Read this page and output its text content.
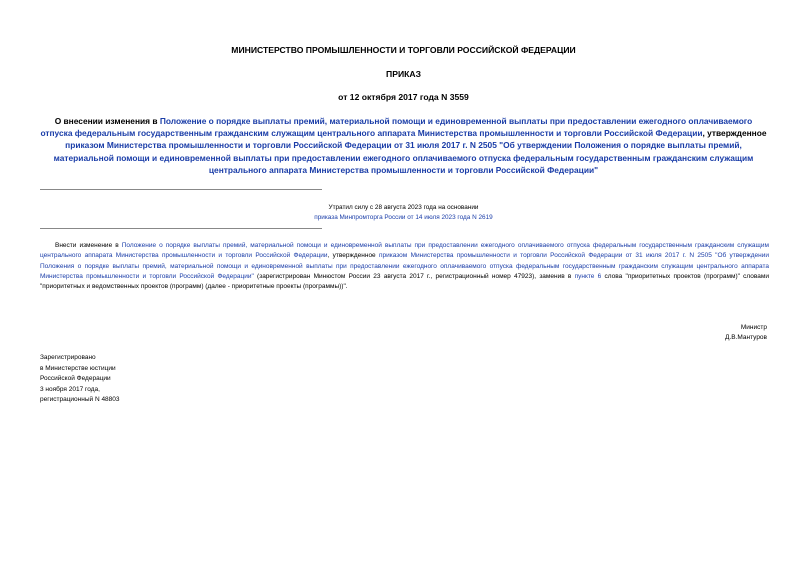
МИНИСТЕРСТВО ПРОМЫШЛЕННОСТИ И ТОРГОВЛИ РОССИЙСКОЙ ФЕДЕРАЦИИ
ПРИКАЗ
от 12 октября 2017 года N 3559
О внесении изменения в Положение о порядке выплаты премий, материальной помощи и единовременной выплаты при предоставлении ежегодного оплачиваемого отпуска федеральным государственным гражданским служащим центрального аппарата Министерства промышленности и торговли Российской Федерации, утвержденное приказом Министерства промышленности и торговли Российской Федерации от 31 июля 2017 г. N 2505 "Об утверждении Положения о порядке выплаты премий, материальной помощи и единовременной выплаты при предоставлении ежегодного оплачиваемого отпуска федеральным государственным гражданским служащим центрального аппарата Министерства промышленности и торговли Российской Федерации"
Утратил силу с 28 августа 2023 года на основании
приказа Минпромторга России от 14 июля 2023 года N 2619
Внести изменение в Положение о порядке выплаты премий, материальной помощи и единовременной выплаты при предоставлении ежегодного оплачиваемого отпуска федеральным государственным гражданским служащим центрального аппарата Министерства промышленности и торговли Российской Федерации, утвержденное приказом Министерства промышленности и торговли Российской Федерации от 31 июля 2017 г. N 2505 "Об утверждении Положения о порядке выплаты премий, материальной помощи и единовременной выплаты при предоставлении ежегодного оплачиваемого отпуска федеральным государственным гражданским служащим центрального аппарата Министерства промышленности и торговли Российской Федерации" (зарегистрирован Минюстом России 23 августа 2017 г., регистрационный номер 47923), заменив в пункте 6 слова "приоритетных проектов (программ)" словами "приоритетных и ведомственных проектов (программ) (далее - приоритетные проекты (программы))".
Министр
Д.В.Мантуров
Зарегистрировано
в Министерстве юстиции
Российской Федерации
3 ноября 2017 года,
регистрационный N 48803
